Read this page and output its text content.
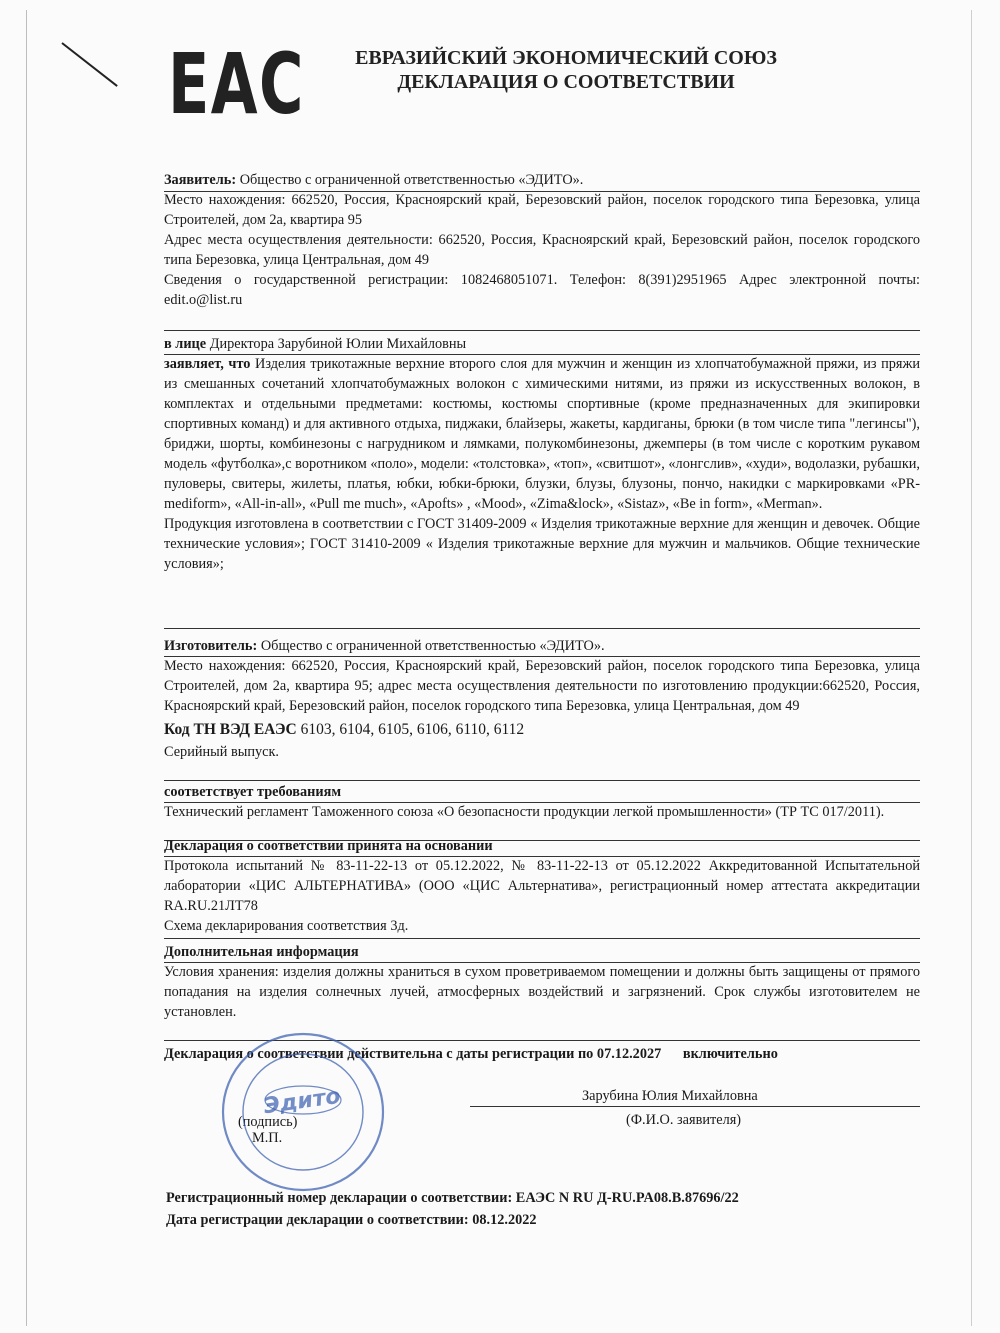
EAC	ЕВРАЗИЙСКИЙ ЭКОНОМИЧЕСКИЙ СОЮЗ
ДЕКЛАРАЦИЯ О СООТВЕТСТВИИ

Заявитель: Общество с ограниченной ответственностью «ЭДИТО».

Место нахождения: 662520, Россия, Красноярский край, Березовский район, поселок городского типа Березовка, улица Строителей, дом 2а, квартира 95

Адрес места осуществления деятельности: 662520, Россия, Красноярский край, Березовский район, поселок городского типа Березовка, улица Центральная, дом 49

Сведения о государственной регистрации: 1082468051071. Телефон: 8(391)2951965 Адрес электронной почты: edit.o@list.ru

в лице Директора Зарубиной Юлии Михайловны

заявляет, что Изделия трикотажные верхние второго слоя для мужчин и женщин из хлопчатобумажной пряжи, из пряжи из смешанных сочетаний хлопчатобумажных волокон с химическими нитями, из пряжи из искусственных волокон, в комплектах и отдельными предметами: костюмы, костюмы спортивные (кроме предназначенных для экипировки спортивных команд) и для активного отдыха, пиджаки, блайзеры, жакеты, кардиганы, брюки (в том числе типа "легинсы"), бриджи, шорты, комбинезоны с нагрудником и лямками, полукомбинезоны, джемперы (в том числе с коротким рукавом модель «футболка»,с воротником «поло», модели: «толстовка», «топ», «свитшот», «лонгслив», «худи», водолазки, рубашки, пуловеры, свитеры, жилеты, платья, юбки, юбки-брюки, блузки, блузы, блузоны, пончо, накидки с маркировками «PR-mediform», «All-in-all», «Pull me much», «Apofts» , «Mood», «Zima&lock», «Sistaz», «Be in form», «Merman».

Продукция изготовлена в соответствии с ГОСТ 31409-2009 « Изделия трикотажные верхние для женщин и девочек. Общие технические условия»; ГОСТ 31410-2009 « Изделия трикотажные верхние для мужчин и мальчиков. Общие технические условия»;

Изготовитель: Общество с ограниченной ответственностью «ЭДИТО».

Место нахождения: 662520, Россия, Красноярский край, Березовский район, поселок городского типа Березовка, улица Строителей, дом 2а, квартира 95; адрес места осуществления деятельности по изготовлению продукции:662520, Россия, Красноярский край, Березовский район, поселок городского типа Березовка, улица Центральная, дом 49

Код ТН ВЭД ЕАЭС 6103, 6104, 6105, 6106, 6110, 6112

Серийный выпуск.

соответствует требованиям

Технический регламент Таможенного союза «О безопасности продукции легкой промышленности» (ТР ТС 017/2011).

Декларация о соответствии принята на основании

Протокола испытаний № 83-11-22-13 от 05.12.2022, № 83-11-22-13 от 05.12.2022 Аккредитованной Испытательной лаборатории «ЦИС АЛЬТЕРНАТИВА» (ООО «ЦИС Альтернатива», регистрационный номер аттестата аккредитации RA.RU.21ЛТ78

Схема декларирования соответствия 3д.

Дополнительная информация

Условия хранения: изделия должны храниться в сухом проветриваемом помещении и должны быть защищены от прямого попадания на изделия солнечных лучей, атмосферных воздействий и загрязнений. Срок службы изготовителем не установлен.

Декларация о соответствии действительна с даты регистрации по 07.12.2027 включительно

Зарубина Юлия Михайловна
(Ф.И.О. заявителя)
(подпись)
М.П.
Эдито
Регистрационный номер декларации о соответствии: ЕАЭС N RU Д-RU.PA08.B.87696/22
Дата регистрации декларации о соответствии: 08.12.2022
